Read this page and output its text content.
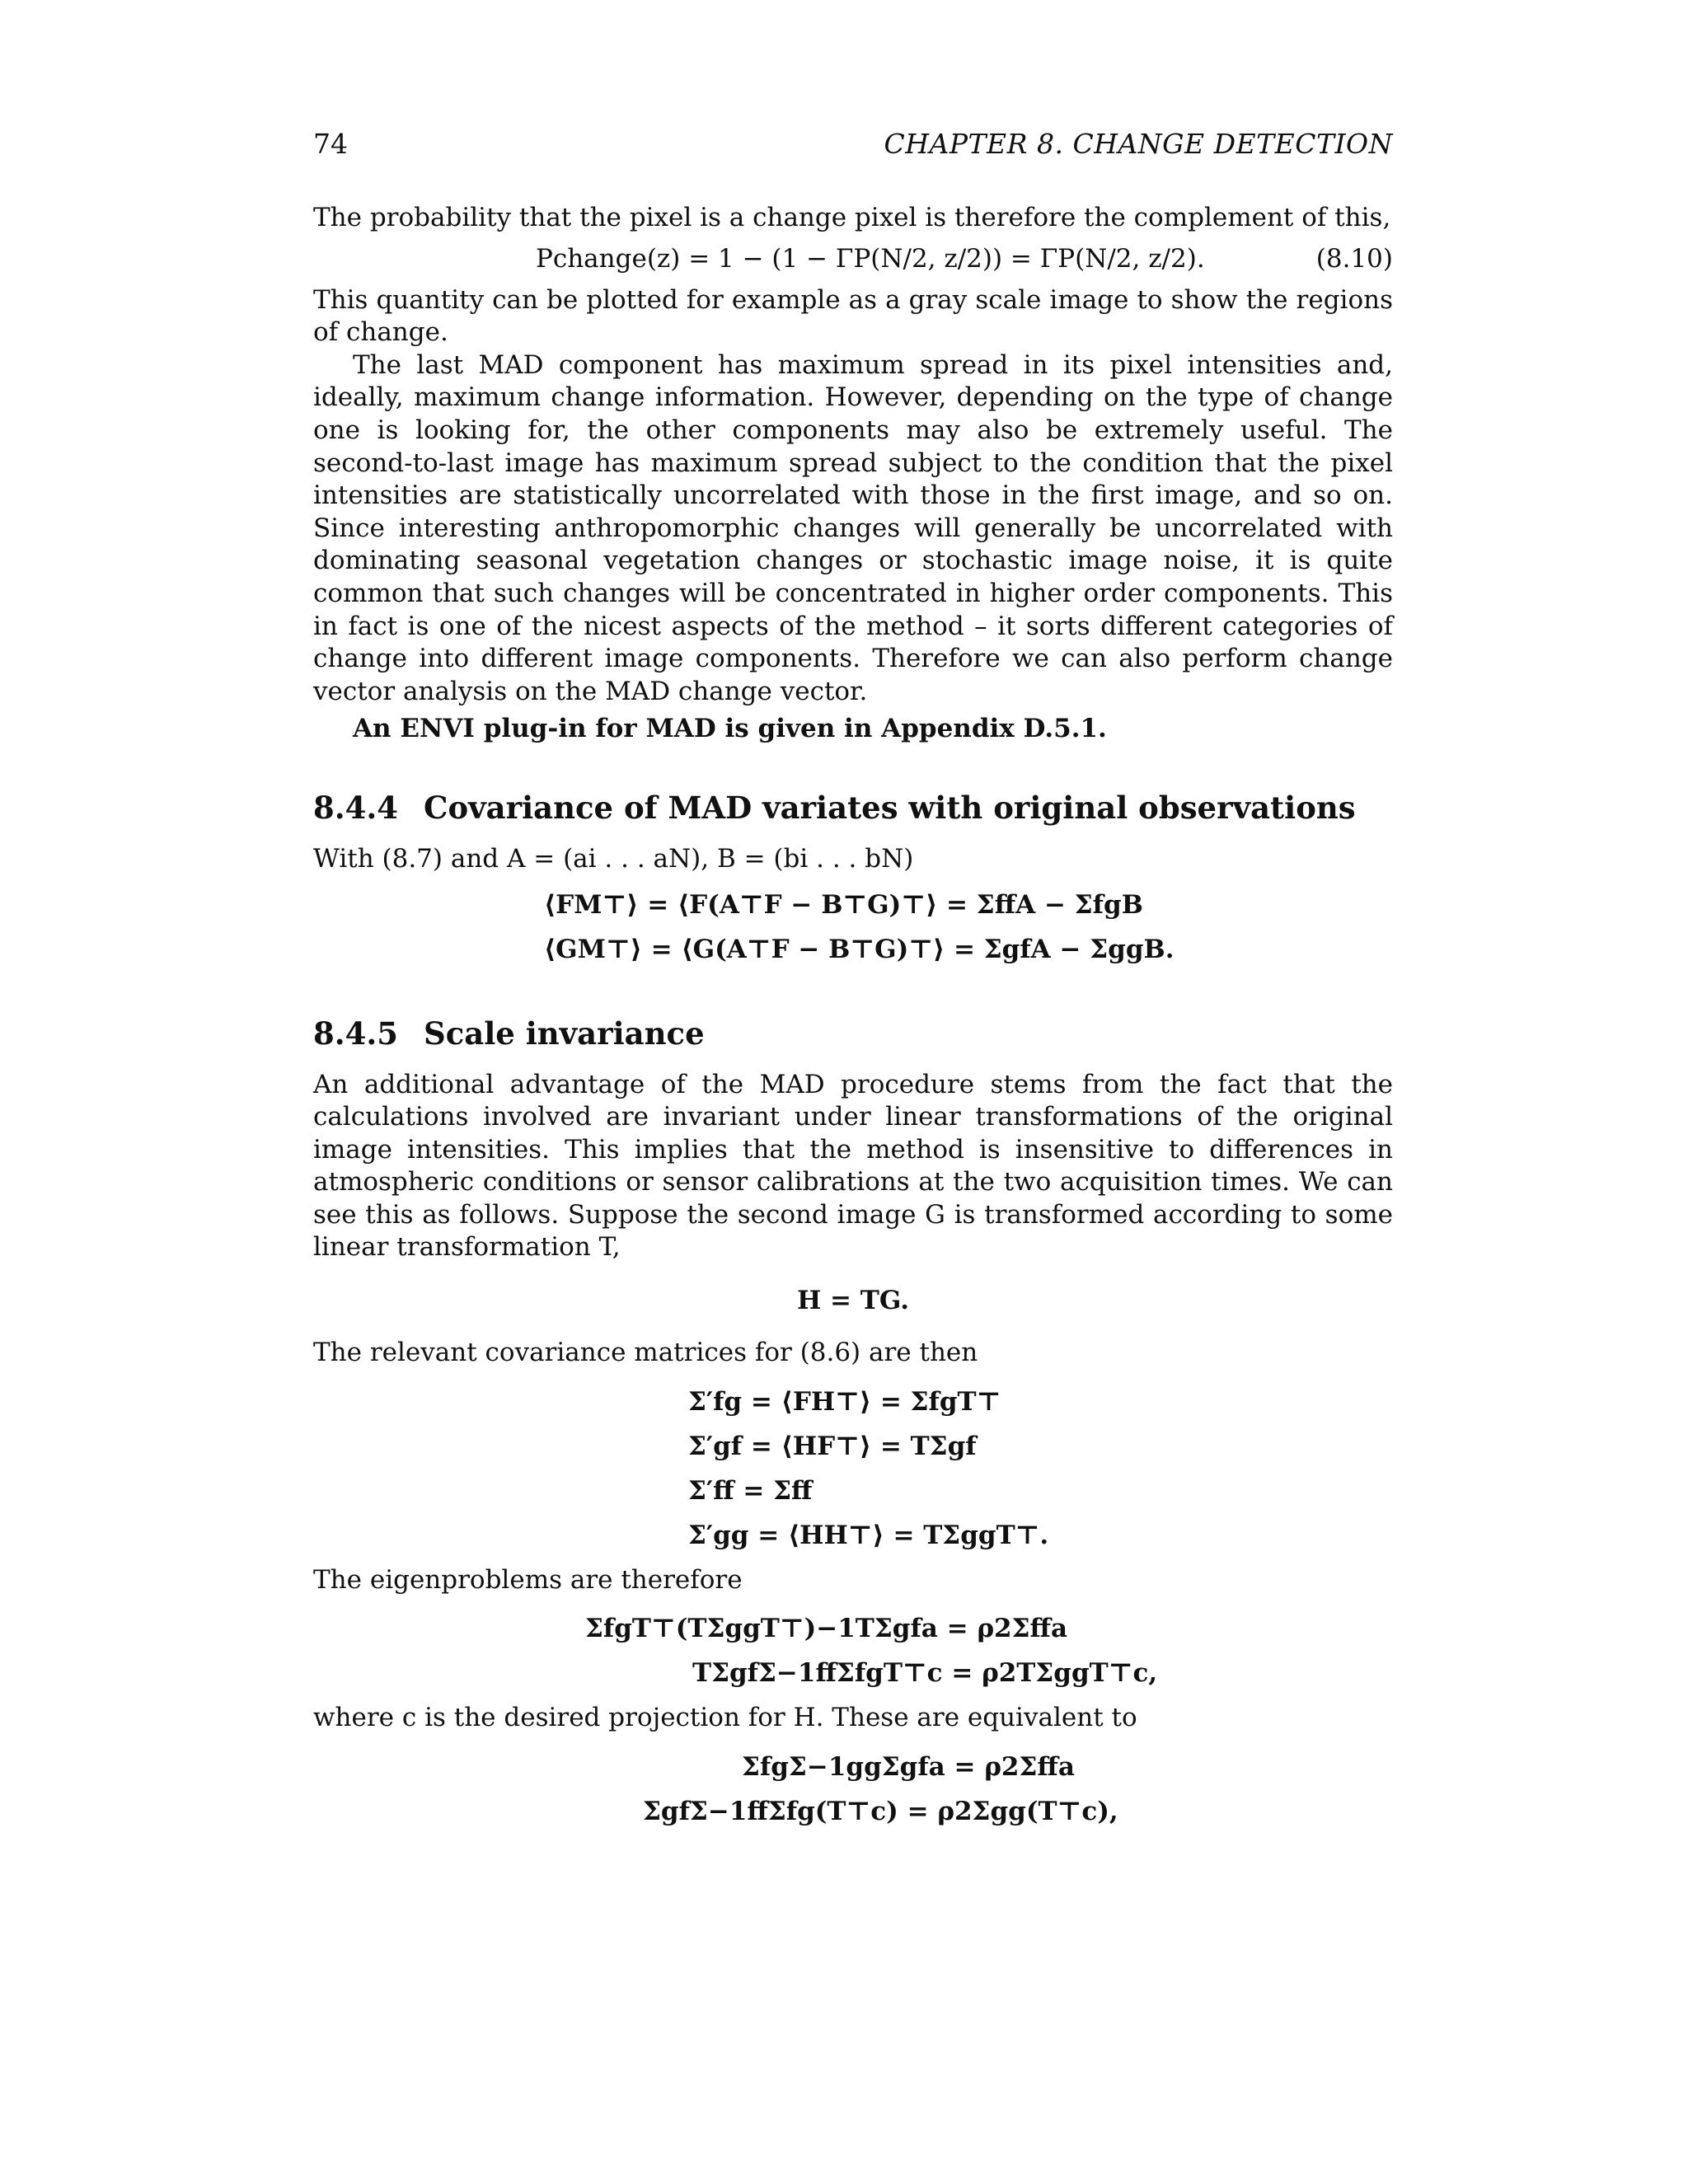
74	CHAPTER 8. CHANGE DETECTION

The probability that the pixel is a change pixel is therefore the complement of this,

Pchange(z) = 1 − (1 − ΓP(N/2, z/2)) = ΓP(N/2, z/2).	(8.10)

This quantity can be plotted for example as a gray scale image to show the regions of change.

The last MAD component has maximum spread in its pixel intensities and, ideally, maximum change information. However, depending on the type of change one is looking for, the other components may also be extremely useful. The second-to-last image has maximum spread subject to the condition that the pixel intensities are statistically uncorrelated with those in the first image, and so on. Since interesting anthropomorphic changes will generally be uncorrelated with dominating seasonal vegetation changes or stochastic image noise, it is quite common that such changes will be concentrated in higher order components. This in fact is one of the nicest aspects of the method – it sorts different categories of change into different image components. Therefore we can also perform change vector analysis on the MAD change vector.

An ENVI plug-in for MAD is given in Appendix D.5.1.

8.4.4 Covariance of MAD variates with original observations

With (8.7) and A = (ai . . . aN), B = (bi . . . bN)

⟨FM⊤⟩ = ⟨F(A⊤F − B⊤G)⊤⟩ = ΣffA − ΣfgB
⟨GM⊤⟩ = ⟨G(A⊤F − B⊤G)⊤⟩ = ΣgfA − ΣggB.
8.4.5 Scale invariance

An additional advantage of the MAD procedure stems from the fact that the calculations involved are invariant under linear transformations of the original image intensities. This implies that the method is insensitive to differences in atmospheric conditions or sensor calibrations at the two acquisition times. We can see this as follows. Suppose the second image G is transformed according to some linear transformation T,

H = TG.

The relevant covariance matrices for (8.6) are then

Σ′fg = ⟨FH⊤⟩ = ΣfgT⊤
Σ′gf = ⟨HF⊤⟩ = TΣgf
Σ′ff = Σff
Σ′gg = ⟨HH⊤⟩ = TΣggT⊤.

The eigenproblems are therefore

ΣfgT⊤(TΣggT⊤)−1TΣgfa = ρ2Σffa
TΣgfΣ−1ffΣfgT⊤c = ρ2TΣggT⊤c,

where c is the desired projection for H. These are equivalent to

ΣfgΣ−1ggΣgfa = ρ2Σffa
ΣgfΣ−1ffΣfg(T⊤c) = ρ2Σgg(T⊤c),
